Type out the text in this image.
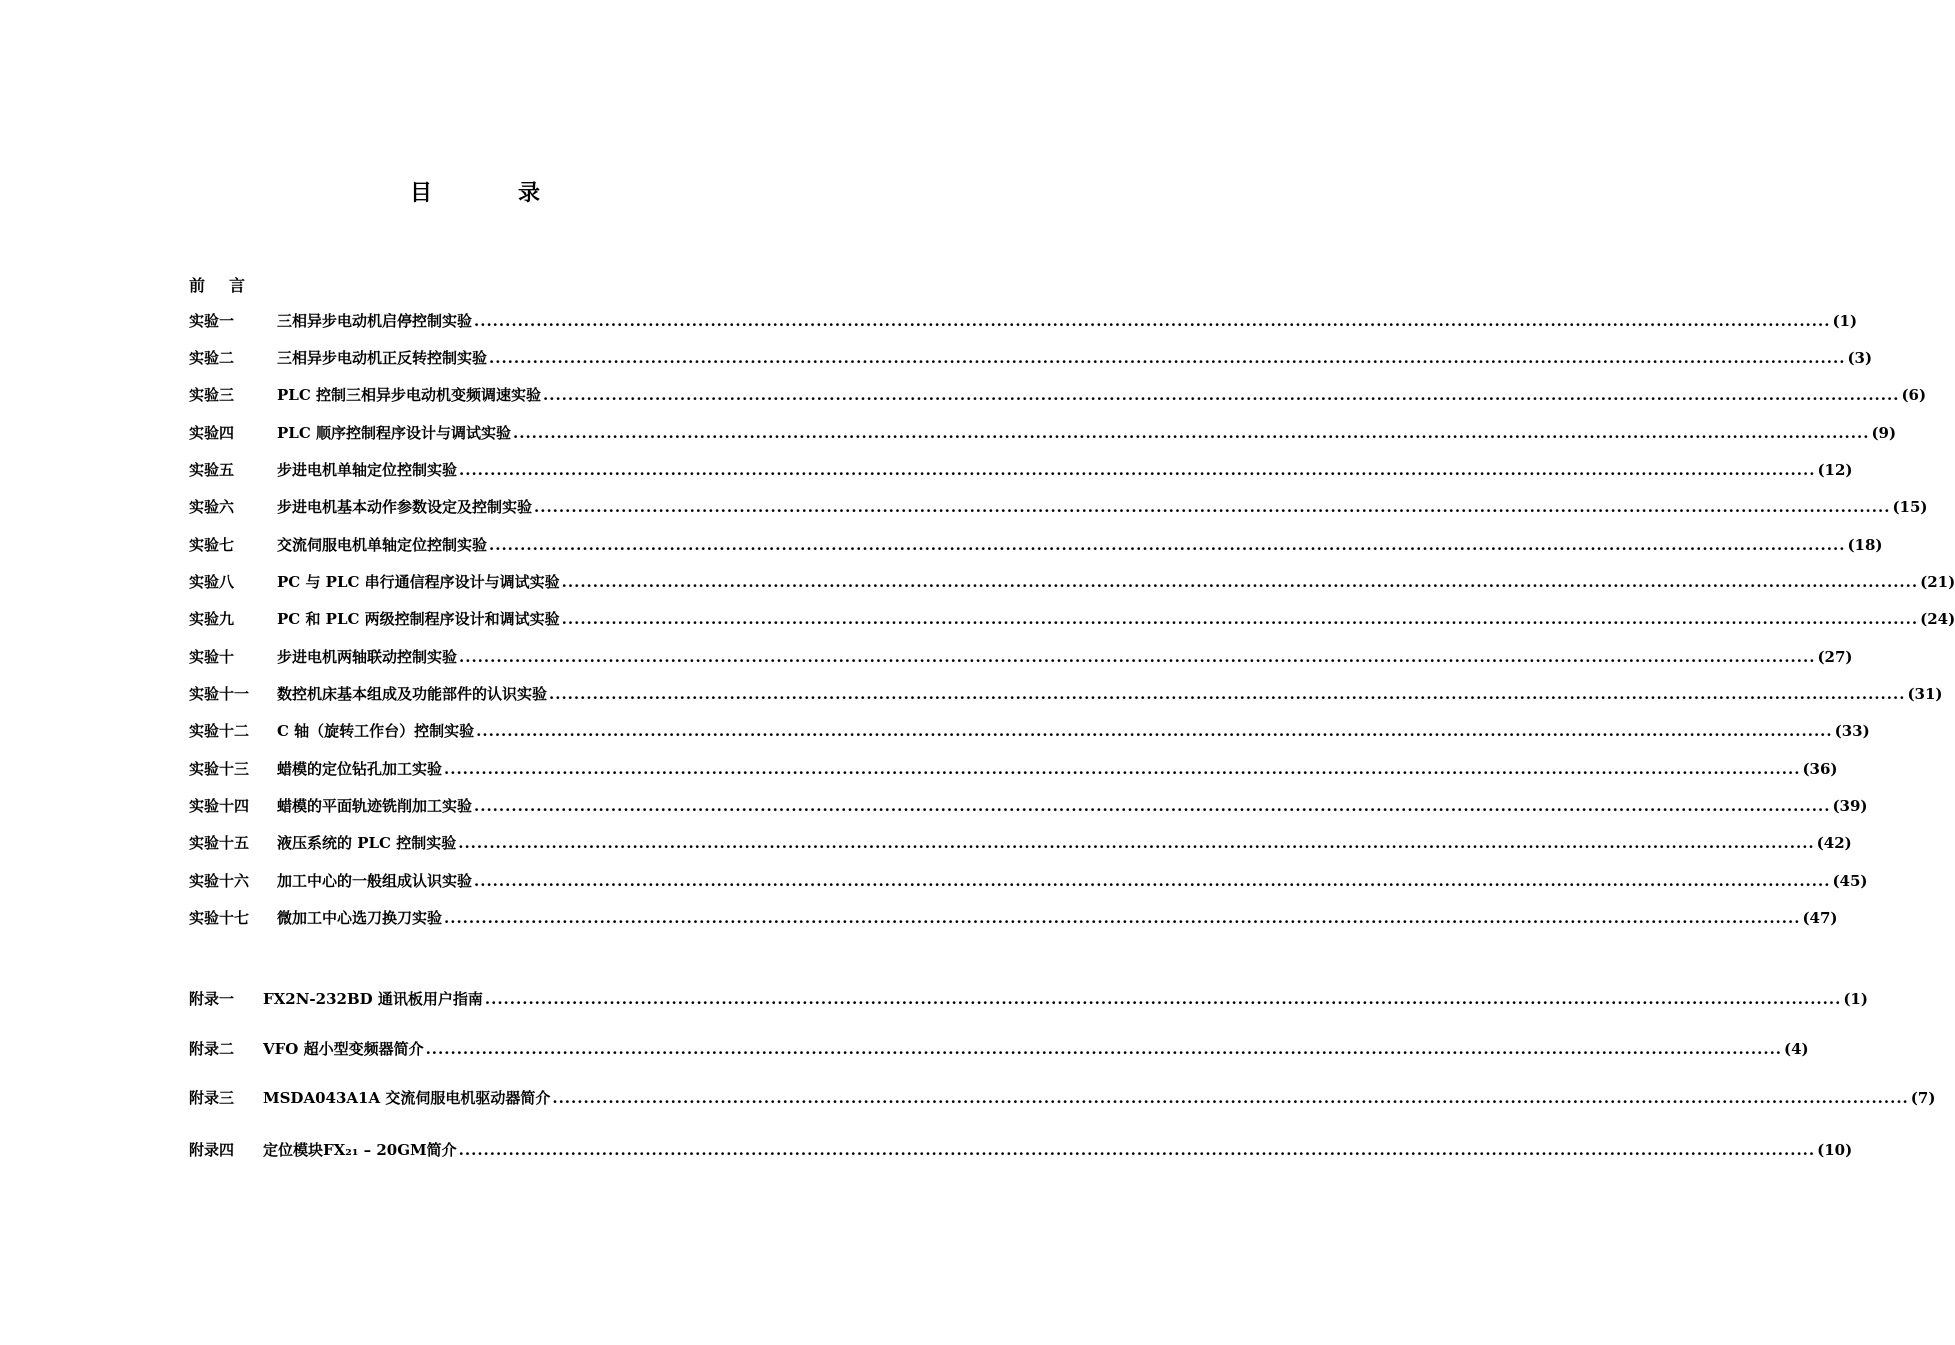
目	录
前 言
实验一	三相异步电动机启停控制实验 .....	(1)
实验二	三相异步电动机正反转控制实验 .....	(3)
实验三	PLC 控制三相异步电动机变频调速实验 .....	(6)
实验四	PLC 顺序控制程序设计与调试实验 .....	(9)
实验五	步进电机单轴定位控制实验 .....	(12)
实验六	步进电机基本动作参数设定及控制实验 .....	(15)
实验七	交流伺服电机单轴定位控制实验 .....	(18)
实验八	PC 与 PLC 串行通信程序设计与调试实验 .....	(21)
实验九	PC 和 PLC 两级控制程序设计和调试实验 .....	(24)
实验十	步进电机两轴联动控制实验 .....	(27)
实验十一	数控机床基本组成及功能部件的认识实验 .....	(31)
实验十二	C 轴（旋转工作台）控制实验 .....	(33)
实验十三	蜡模的定位钻孔加工实验 .....	(36)
实验十四	蜡模的平面轨迹铣削加工实验 .....	(39)
实验十五	液压系统的 PLC 控制实验 .....	(42)
实验十六	加工中心的一般组成认识实验 .....	(45)
实验十七	微加工中心选刀换刀实验 .....	(47)
附录一	FX2N-232BD 通讯板用户指南 .....	(1)
附录二	VFO 超小型变频器简介 .....	(4)
附录三	MSDA043A1A 交流伺服电机驱动器简介 .....	(7)
附录四	定位模块FX₂₁ – 20GM简介 .....	(10)
